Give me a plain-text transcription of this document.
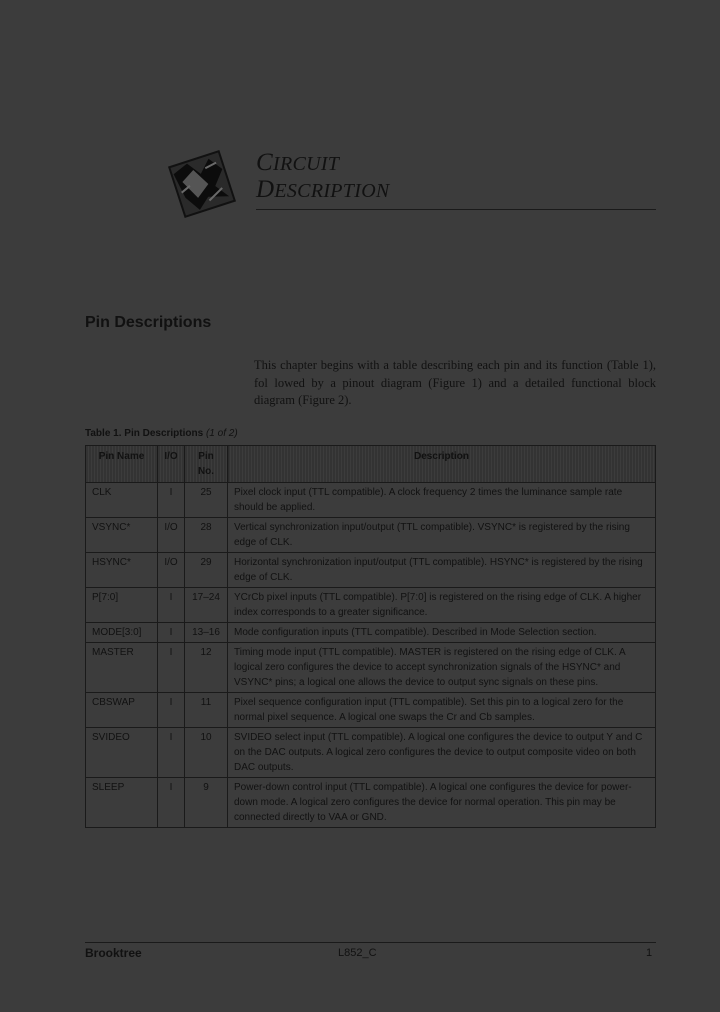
CIRCUIT
DESCRIPTION
Pin Descriptions
This chapter begins with a table describing each pin and its function (Table 1), fol lowed by a pinout diagram (Figure 1) and a detailed functional block diagram (Figure 2).
Table 1. Pin Descriptions (1 of 2)
Pin Name	I/O	Pin No.	Description
CLK	I	25	Pixel clock input (TTL compatible). A clock frequency 2 times the luminance sample rate should be applied.
VSYNC*	I/O	28	Vertical synchronization input/output (TTL compatible). VSYNC* is registered by the rising edge of CLK.
HSYNC*	I/O	29	Horizontal synchronization input/output (TTL compatible). HSYNC* is registered by the rising edge of CLK.
P[7:0]	I	17–24	YCrCb pixel inputs (TTL compatible). P[7:0] is registered on the rising edge of CLK. A higher index corresponds to a greater significance.
MODE[3:0]	I	13–16	Mode configuration inputs (TTL compatible). Described in Mode Selection section.
MASTER	I	12	Timing mode input (TTL compatible). MASTER is registered on the rising edge of CLK. A logical zero configures the device to accept synchronization signals of the HSYNC* and VSYNC* pins; a logical one allows the device to output sync signals on these pins.
CBSWAP	I	11	Pixel sequence configuration input (TTL compatible). Set this pin to a logical zero for the normal pixel sequence. A logical one swaps the Cr and Cb samples.
SVIDEO	I	10	SVIDEO select input (TTL compatible). A logical one configures the device to output Y and C on the DAC outputs. A logical zero configures the device to output composite video on both DAC outputs.
SLEEP	I	9	Power-down control input (TTL compatible). A logical one configures the device for power-down mode. A logical zero configures the device for normal operation. This pin may be connected directly to VAA or GND.
Brooktree	L852_C	1
